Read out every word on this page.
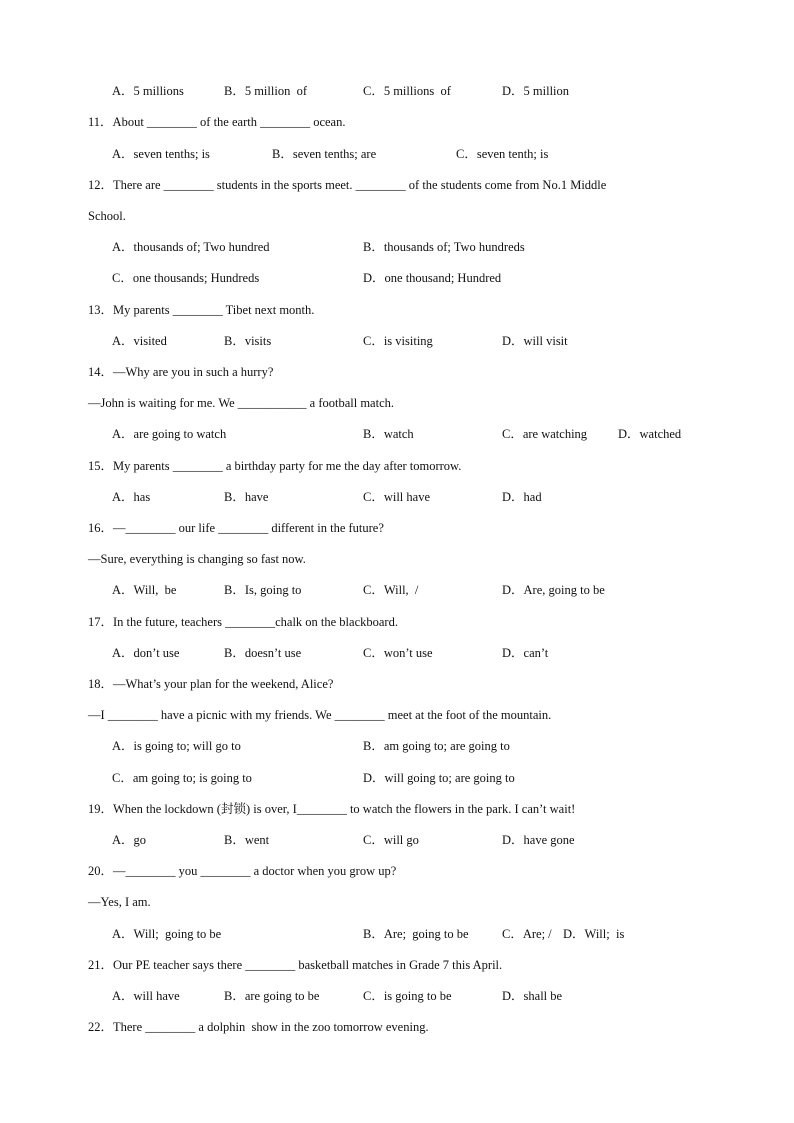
A．5 millions	B．5 million  of	C．5 millions  of	D．5 million
11．About ________ of the earth ________ ocean.
A．seven tenths; is	B．seven tenths; are	C．seven tenth; is
12．There are ________ students in the sports meet. ________ of the students come from No.1 Middle
School.
A．thousands of; Two hundred	B．thousands of; Two hundreds
C．one thousands; Hundreds	D．one thousand; Hundred
13．My parents ________ Tibet next month.
A．visited	B．visits	C．is visiting	D．will visit
14．—Why are you in such a hurry?
—John is waiting for me. We ___________ a football match.
A．are going to watch	B．watch	C．are watching D．watched
15．My parents ________ a birthday party for me the day after tomorrow.
A．has	B．have	C．will have	D．had
16．—________ our life ________ different in the future?
—Sure, everything is changing so fast now.
A．Will,  be	B．Is, going to	C．Will,  /	D．Are, going to be
17．In the future, teachers ________chalk on the blackboard.
A．don’t use	B．doesn’t use	C．won’t use	D．can’t
18．—What’s your plan for the weekend, Alice?
—I ________ have a picnic with my friends. We ________ meet at the foot of the mountain.
A．is going to; will go to	B．am going to; are going to
C．am going to; is going to	D．will going to; are going to
19．When the lockdown (封锁) is over, I________ to watch the flowers in the park. I can’t wait!
A．go	B．went	C．will go	D．have gone
20．—________ you ________ a doctor when you grow up?
—Yes, I am.
A．Will;  going to be	B．Are;  going to be	C．Are; / D．Will;  is
21．Our PE teacher says there ________ basketball matches in Grade 7 this April.
A．will have	B．are going to be	C．is going to be	D．shall be
22．There ________ a dolphin  show in the zoo tomorrow evening.
